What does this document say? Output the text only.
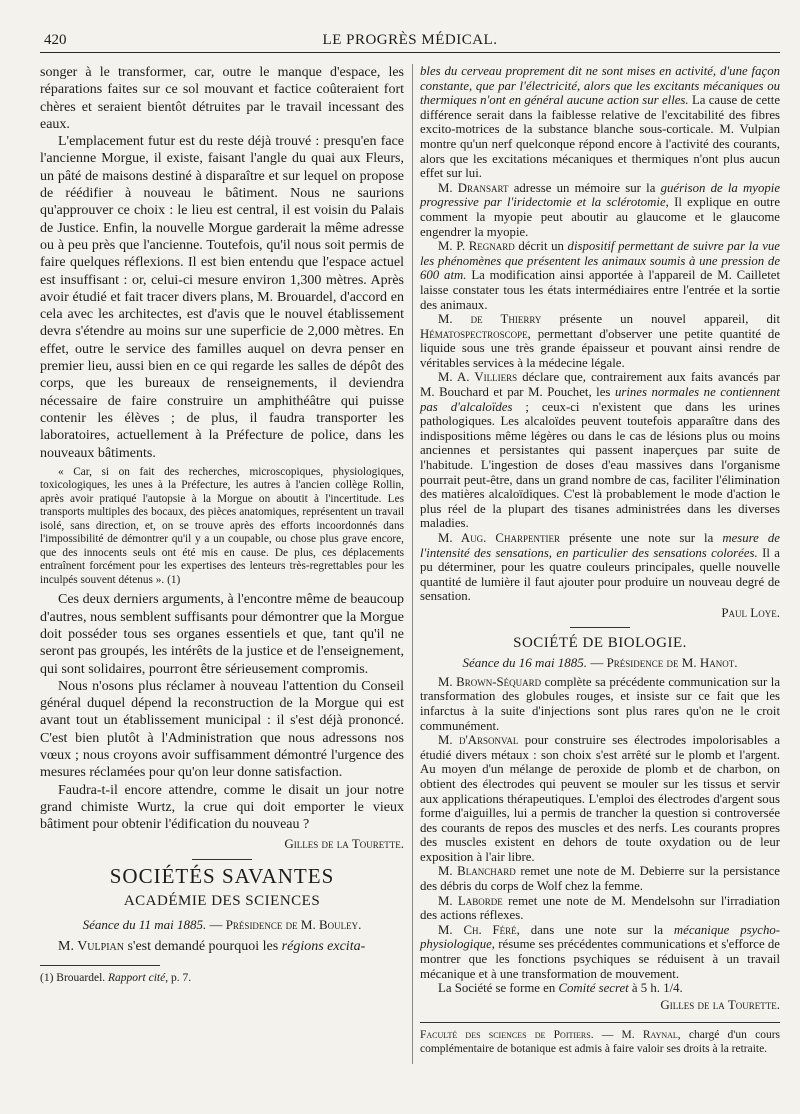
420	LE PROGRÈS MÉDICAL.

songer à le transformer, car, outre le manque d'espace, les réparations faites sur ce sol mouvant et factice coûteraient fort chères et seraient bientôt détruites par le travail incessant des eaux.

L'emplacement futur est du reste déjà trouvé : presqu'en face l'ancienne Morgue, il existe, faisant l'angle du quai aux Fleurs, un pâté de maisons destiné à disparaître et sur lequel on propose de réédifier à nouveau le bâtiment. Nous ne saurions qu'approuver ce choix : le lieu est central, il est voisin du Palais de Justice. Enfin, la nouvelle Morgue garderait la même adresse ou à peu près que l'ancienne. Toutefois, qu'il nous soit permis de faire quelques réflexions. Il est bien entendu que l'espace actuel est insuffisant : or, celui-ci mesure environ 1,300 mètres. Après avoir étudié et fait tracer divers plans, M. Brouardel, d'accord en cela avec les architectes, est d'avis que le nouvel établissement devra s'étendre au moins sur une superficie de 2,000 mètres. En effet, outre le service des familles auquel on devra penser en premier lieu, aussi bien en ce qui regarde les salles de dépôt des corps, que les bureaux de renseignements, il deviendra nécessaire de faire construire un amphithéâtre qui puisse contenir les élèves ; de plus, il faudra transporter les laboratoires, actuellement à la Préfecture de police, dans les nouveaux bâtiments.

« Car, si on fait des recherches, microscopiques, physiologiques, toxicologiques, les unes à la Préfecture, les autres à l'ancien collège Rollin, après avoir pratiqué l'autopsie à la Morgue on aboutit à l'incertitude. Les transports multiples des bocaux, des pièces anatomiques, représentent un travail isolé, sans direction, et, on se trouve après des efforts incoordonnés dans l'impossibilité de démontrer qu'il y a un coupable, ou chose plus grave encore, que des innocents seuls ont été mis en cause. De plus, ces déplacements entraînent forcément pour les expertises des lenteurs très-regrettables pour les inculpés souvent détenus ». (1)

Ces deux derniers arguments, à l'encontre même de beaucoup d'autres, nous semblent suffisants pour démontrer que la Morgue doit posséder tous ses organes essentiels et que, tant qu'il ne seront pas groupés, les intérêts de la justice et de l'enseignement, qui sont solidaires, pourront être sérieusement compromis.

Nous n'osons plus réclamer à nouveau l'attention du Conseil général duquel dépend la reconstruction de la Morgue qui est avant tout un établissement municipal : il s'est déjà prononcé. C'est bien plutôt à l'Administration que nous adressons nos vœux ; nous croyons avoir suffisamment démontré l'urgence des mesures réclamées pour qu'on leur donne satisfaction.

Faudra-t-il encore attendre, comme le disait un jour notre grand chimiste Wurtz, la crue qui doit emporter le vieux bâtiment pour obtenir l'édification du nouveau ?

Gilles de la Tourette.

SOCIÉTÉS SAVANTES

ACADÉMIE DES SCIENCES

Séance du 11 mai 1885. — Présidence de M. Bouley.

M. Vulpian s'est demandé pourquoi les régions excita-

(1) Brouardel. Rapport cité, p. 7.

bles du cerveau proprement dit ne sont mises en activité, d'une façon constante, que par l'électricité, alors que les excitants mécaniques ou thermiques n'ont en général aucune action sur elles. La cause de cette différence serait dans la faiblesse relative de l'excitabilité des fibres excito-motrices de la substance blanche sous-corticale. M. Vulpian montre qu'un nerf quelconque répond encore à l'activité des courants, alors que les excitations mécaniques et thermiques n'ont plus aucun effet sur lui.

M. Dransart adresse un mémoire sur la guérison de la myopie progressive par l'iridectomie et la sclérotomie, Il explique en outre comment la myopie peut aboutir au glaucome et le glaucome engendrer la myopie.

M. P. Regnard décrit un dispositif permettant de suivre par la vue les phénomènes que présentent les animaux soumis à une pression de 600 atm. La modification ainsi apportée à l'appareil de M. Cailletet laisse constater tous les états intermédiaires entre l'entrée et la sortie des animaux.

M. de Thierry présente un nouvel appareil, dit Hématospectroscope, permettant d'observer une petite quantité de liquide sous une très grande épaisseur et pouvant ainsi rendre de véritables services à la médecine légale.

M. A. Villiers déclare que, contrairement aux faits avancés par M. Bouchard et par M. Pouchet, les urines normales ne contiennent pas d'alcaloïdes ; ceux-ci n'existent que dans les urines pathologiques. Les alcaloïdes peuvent toutefois apparaître dans des indispositions même légères ou dans le cas de lésions plus ou moins anciennes et persistantes qui passent inaperçues par suite de l'habitude. L'ingestion de doses d'eau massives dans l'organisme pourrait peut-être, dans un grand nombre de cas, faciliter l'élimination des matières alcaloïdiques. C'est là probablement le mode d'action le plus réel de la plupart des tisanes administrées dans les diverses maladies.

M. Aug. Charpentier présente une note sur la mesure de l'intensité des sensations, en particulier des sensations colorées. Il a pu déterminer, pour les quatre couleurs principales, quelle nouvelle quantité de lumière il faut ajouter pour produire un nouveau degré de sensation.

Paul Loye.

SOCIÉTÉ DE BIOLOGIE.

Séance du 16 mai 1885. — Présidence de M. Hanot.

M. Brown-Séquard complète sa précédente communication sur la transformation des globules rouges, et insiste sur ce fait que les infarctus à la suite d'injections sont plus rares qu'on ne le croit communément.

M. d'Arsonval pour construire ses électrodes impolorisables a étudié divers métaux : son choix s'est arrêté sur le plomb et l'argent. Au moyen d'un mélange de peroxide de plomb et de charbon, on obtient des électrodes qui peuvent se mouler sur les tissus et servir aux applications thérapeutiques. L'emploi des électrodes d'argent sous forme d'aiguilles, lui a permis de trancher la question si controversée des courants de repos des muscles et des nerfs. Les courants propres des muscles existent en dehors de toute oxydation ou de leur exposition à l'air libre.

M. Blanchard remet une note de M. Debierre sur la persistance des débris du corps de Wolf chez la femme.

M. Laborde remet une note de M. Mendelsohn sur l'irradiation des actions réflexes.

M. Ch. Féré, dans une note sur la mécanique psycho-physiologique, résume ses précédentes communications et s'efforce de montrer que les fonctions psychiques se réduisent à un travail mécanique et à une transformation de mouvement.

La Société se forme en Comité secret à 5 h. 1/4.

Gilles de la Tourette.

Faculté des sciences de Poitiers. — M. Raynal, chargé d'un cours complémentaire de botanique est admis à faire valoir ses droits à la retraite.
